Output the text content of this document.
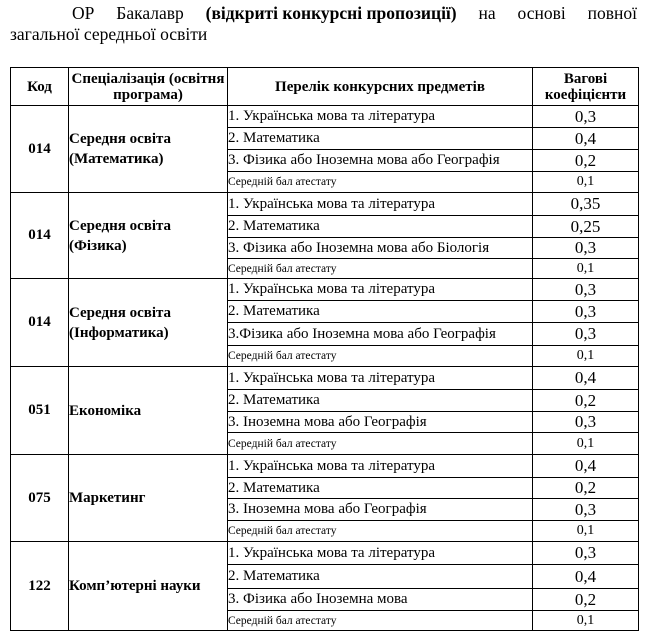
ОР Бакалавр (відкриті конкурсні пропозиції) на основі повної
загальної середньої освіти
Код	Спеціалізація (освітня програма)	Перелік конкурсних предметів	Вагові коефіцієнти
014	Середня освіта (Математика)	1. Українська мова та література	0,3
		2. Математика	0,4
		3. Фізика або Іноземна мова або Географія	0,2
		Середній бал атестату	0,1
014	Середня освіта (Фізика)	1. Українська мова та література	0,35
		2. Математика	0,25
		3. Фізика або Іноземна мова або Біологія	0,3
		Середній бал атестату	0,1
014	Середня освіта (Інформатика)	1. Українська мова та література	0,3
		2. Математика	0,3
		3.Фізика або Іноземна мова або Географія	0,3
		Середній бал атестату	0,1
051	Економіка	1. Українська мова та література	0,4
		2. Математика	0,2
		3. Іноземна мова або Географія	0,3
		Середній бал атестату	0,1
075	Маркетинг	1. Українська мова та література	0,4
		2. Математика	0,2
		3. Іноземна мова або Географія	0,3
		Середній бал атестату	0,1
122	Комп’ютерні науки	1. Українська мова та література	0,3
		2. Математика	0,4
		3. Фізика або Іноземна мова	0,2
		Середній бал атестату	0,1
